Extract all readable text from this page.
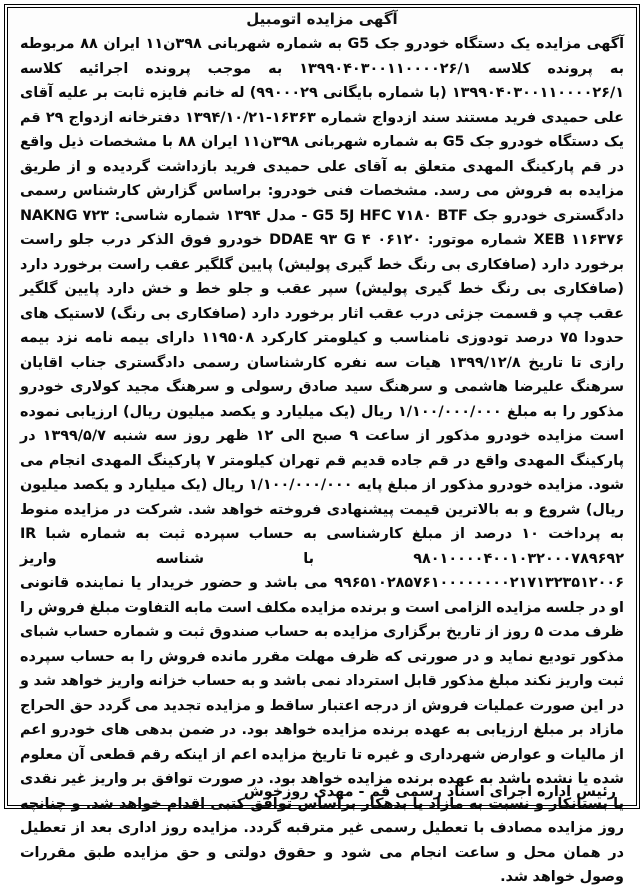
آگهی مزایده اتومبیل

آگهی مزایده یک دستگاه خودرو جک G5 به شماره شهربانی ۳۹۸ن۱۱ ایران ۸۸ مربوطه به پرونده کلاسه ۱۳۹۹۰۴۰۳۰۰۱۱۰۰۰۰۲۶/۱ به موجب پرونده اجرائیه کلاسه ۱۳۹۹۰۴۰۳۰۰۱۱۰۰۰۰۲۶/۱ (با شماره بایگانی ۹۹۰۰۰۲۹) له خانم فایزه ثابت بر علیه آقای علی حمیدی فرید مستند سند ازدواج شماره ۱۶۳۶۳-۱۳۹۴/۱۰/۲۱ دفترخانه ازدواج ۲۹ قم یک دستگاه خودرو جک G5 به شماره شهربانی ۳۹۸ن۱۱ ایران ۸۸ با مشخصات ذیل واقع در قم پارکینگ المهدی متعلق به آقای علی حمیدی فرید بازداشت گردیده و از طریق مزایده به فروش می رسد. مشخصات فنی خودرو: براساس گزارش کارشناس رسمی دادگستری خودرو جک G5 5J HFC ۷۱۸۰ BTF - مدل ۱۳۹۴ شماره شاسی: NAKNG ۷۲۳ XEB ۱۱۶۳۷۶ شماره موتور: DDAE ۹۳ G ۴ ۰۶۱۲۰ خودرو فوق الذکر درب جلو راست برخورد دارد (صافکاری بی رنگ خط گیری پولیش) پایین گلگیر عقب راست برخورد دارد (صافکاری بی رنگ خط گیری پولیش) سپر عقب و جلو خط و خش دارد پایین گلگیر عقب چپ و قسمت جزئی درب عقب اثار برخورد دارد (صافکاری بی رنگ) لاستیک های حدودا ۷۵ درصد تودوزی نامناسب و کیلومتر کارکرد ۱۱۹۵۰۸ دارای بیمه نامه نزد بیمه رازی تا تاریخ ۱۳۹۹/۱۲/۸ هیات سه نفره کارشناسان رسمی دادگستری جناب اقایان سرهنگ علیرضا هاشمی و سرهنگ سید صادق رسولی و سرهنگ مجید کولاری خودرو مذکور را به مبلغ ۱/۱۰۰/۰۰۰/۰۰۰ ریال (یک میلیارد و یکصد میلیون ریال) ارزیابی نموده است مزایده خودرو مذکور از ساعت ۹ صبح الی ۱۲ ظهر روز سه شنبه ۱۳۹۹/۵/۷ در پارکینگ المهدی واقع در قم جاده قدیم قم تهران کیلومتر ۷ پارکینگ المهدی انجام می شود. مزایده خودرو مذکور از مبلغ پایه ۱/۱۰۰/۰۰۰/۰۰۰ ریال (یک میلیارد و یکصد میلیون ریال) شروع و به بالاترین قیمت پیشنهادی فروخته خواهد شد. شرکت در مزایده منوط به پرداخت ۱۰ درصد از مبلغ کارشناسی به حساب سپرده ثبت به شماره شبا IR ۹۸۰۱۰۰۰۰۴۰۰۱۰۳۲۰۰۰۷۸۹۶۹۲ با شناسه واریز ۹۹۶۵۱۰۲۸۵۷۶۱۰۰۰۰۰۰۰۰۲۱۷۱۳۲۳۵۱۲۰۰۶ می باشد و حضور خریدار یا نماینده قانونی او در جلسه مزایده الزامی است و برنده مزایده مکلف است مابه التفاوت مبلغ فروش را ظرف مدت ۵ روز از تاریخ برگزاری مزایده به حساب صندوق ثبت و شماره حساب شبای مذکور تودیع نماید و در صورتی که ظرف مهلت مقرر مانده فروش را به حساب سپرده ثبت واریز نکند مبلغ مذکور قابل استرداد نمی باشد و به حساب خزانه واریز خواهد شد و در این صورت عملیات فروش از درجه اعتبار ساقط و مزایده تجدید می گردد حق الحراج مازاد بر مبلغ ارزیابی به عهده برنده مزایده خواهد بود. در ضمن بدهی های خودرو اعم از مالیات و عوارض شهرداری و غیره تا تاریخ مزایده اعم از اینکه رقم قطعی آن معلوم شده یا نشده باشد به عهده برنده مزایده خواهد بود. در صورت توافق بر واریز غیر نقدی یا بستانکار و نسبت به مازاد یا بدهکار براساس توافق کتبی اقدام خواهد شد. و چنانچه روز مزایده مصادف با تعطیل رسمی غیر مترقبه گردد. مزایده روز اداری بعد از تعطیل در همان محل و ساعت انجام می شود و حقوق دولتی و حق مزایده طبق مقررات وصول خواهد شد.

رئیس اداره اجرای اسناد رسمی قم - مهدی روزخوش
